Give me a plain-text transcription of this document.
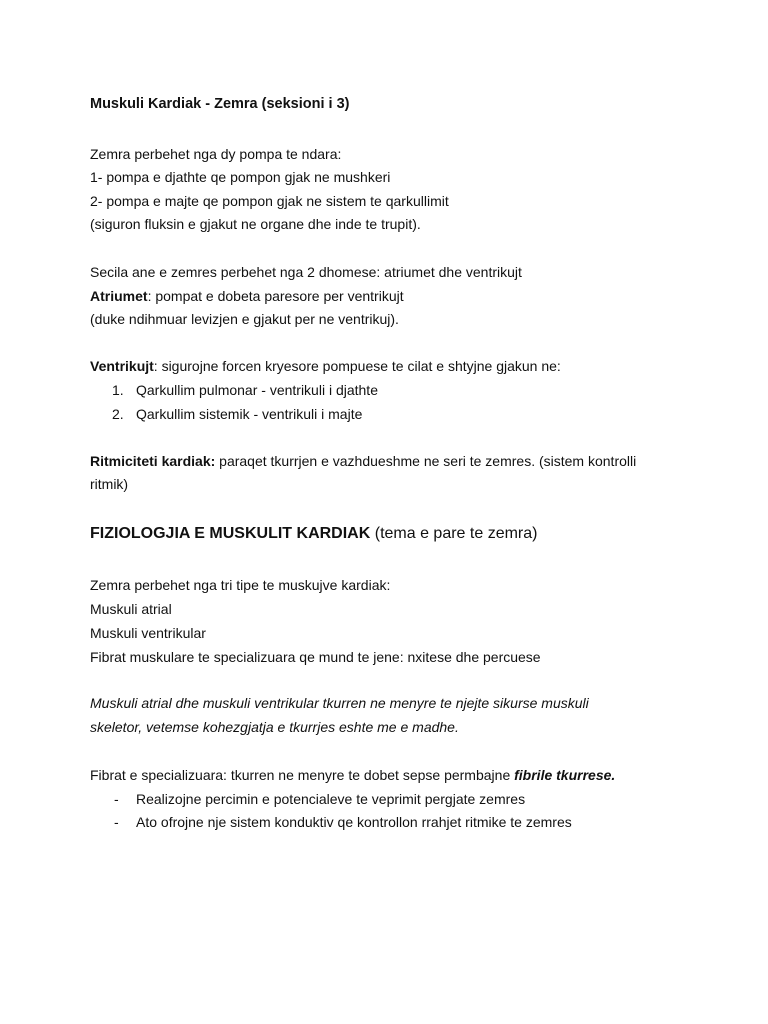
Muskuli Kardiak - Zemra (seksioni i 3)
Zemra perbehet nga dy pompa te ndara:
1- pompa e djathte qe pompon gjak ne mushkeri
2- pompa e majte qe pompon gjak ne sistem te qarkullimit
(siguron fluksin e gjakut ne organe dhe inde te trupit).
Secila ane e zemres perbehet nga 2 dhomese: atriumet dhe ventrikujt
Atriumet: pompat e dobeta paresore per ventrikujt
(duke ndihmuar levizjen e gjakut per ne ventrikuj).
Ventrikujt: sigurojne forcen kryesore pompuese te cilat e shtyjne gjakun ne:
1. Qarkullim pulmonar - ventrikuli i djathte
2. Qarkullim sistemik - ventrikuli i majte
Ritmiciteti kardiak: paraqet tkurrjen e vazhdueshme ne seri te zemres. (sistem kontrolli
ritmik)
FIZIOLOGJIA E MUSKULIT KARDIAK (tema e pare te zemra)
Zemra perbehet nga tri tipe te muskujve kardiak:
Muskuli atrial
Muskuli ventrikular
Fibrat muskulare te specializuara qe mund te jene: nxitese dhe percuese
Muskuli atrial dhe muskuli ventrikular tkurren ne menyre te njejte sikurse muskuli
skeletor, vetemse kohezgjatja e tkurrjes eshte me e madhe.
Fibrat e specializuara: tkurren ne menyre te dobet sepse permbajne fibrile tkurrese.
- Realizojne percimin e potencialeve te veprimit pergjate zemres
- Ato ofrojne nje sistem konduktiv qe kontrollon rrahjet ritmike te zemres
